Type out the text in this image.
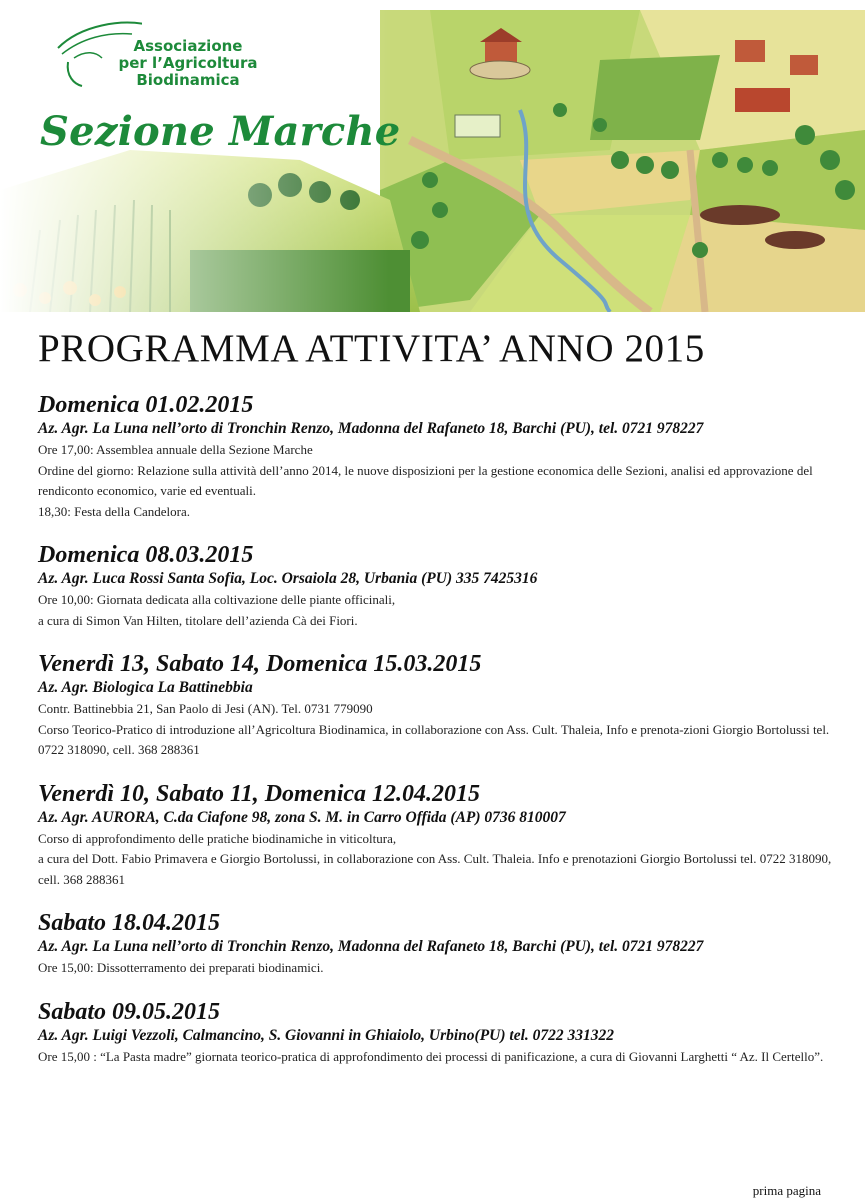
Associazione
per l’Agricoltura
Biodinamica
Sezione Marche
PROGRAMMA ATTIVITA’ ANNO 2015
Domenica 01.02.2015
Az. Agr. La Luna nell’orto di Tronchin Renzo, Madonna del Rafaneto 18, Barchi (PU), tel. 0721 978227
Ore 17,00: Assemblea annuale della Sezione Marche
Ordine del giorno: Relazione sulla attività dell’anno 2014, le nuove disposizioni per la gestione economica delle Sezioni, analisi ed approvazione del rendiconto economico, varie ed eventuali.
18,30: Festa della Candelora.
Domenica 08.03.2015
Az. Agr. Luca Rossi Santa Sofia, Loc. Orsaiola 28, Urbania (PU) 335 7425316
Ore 10,00: Giornata dedicata alla coltivazione delle piante officinali,
a cura di Simon Van Hilten, titolare dell’azienda Cà dei Fiori.
Venerdì 13, Sabato 14, Domenica 15.03.2015
Az. Agr. Biologica La Battinebbia
Contr. Battinebbia 21, San Paolo di Jesi (AN). Tel. 0731 779090
Corso Teorico-Pratico di introduzione all’Agricoltura Biodinamica, in collaborazione con Ass. Cult. Thaleia, Info e prenota-zioni Giorgio Bortolussi tel. 0722 318090, cell. 368 288361
Venerdì 10, Sabato 11, Domenica 12.04.2015
Az. Agr. AURORA, C.da Ciafone 98, zona S. M. in Carro Offida (AP) 0736 810007
Corso di approfondimento delle pratiche biodinamiche in viticoltura,
a cura del Dott. Fabio Primavera e Giorgio Bortolussi, in collaborazione con Ass. Cult. Thaleia. Info e prenotazioni Giorgio Bortolussi tel. 0722 318090, cell. 368 288361
Sabato 18.04.2015
Az. Agr. La Luna nell’orto di Tronchin Renzo, Madonna del Rafaneto 18, Barchi (PU), tel. 0721 978227
Ore 15,00: Dissotterramento dei preparati biodinamici.
Sabato 09.05.2015
Az. Agr. Luigi Vezzoli, Calmancino, S. Giovanni in Ghiaiolo, Urbino(PU) tel. 0722 331322
Ore 15,00 : “La Pasta madre” giornata teorico-pratica di approfondimento dei processi di panificazione, a cura di Giovanni Larghetti “ Az. Il Certello”.
prima pagina
